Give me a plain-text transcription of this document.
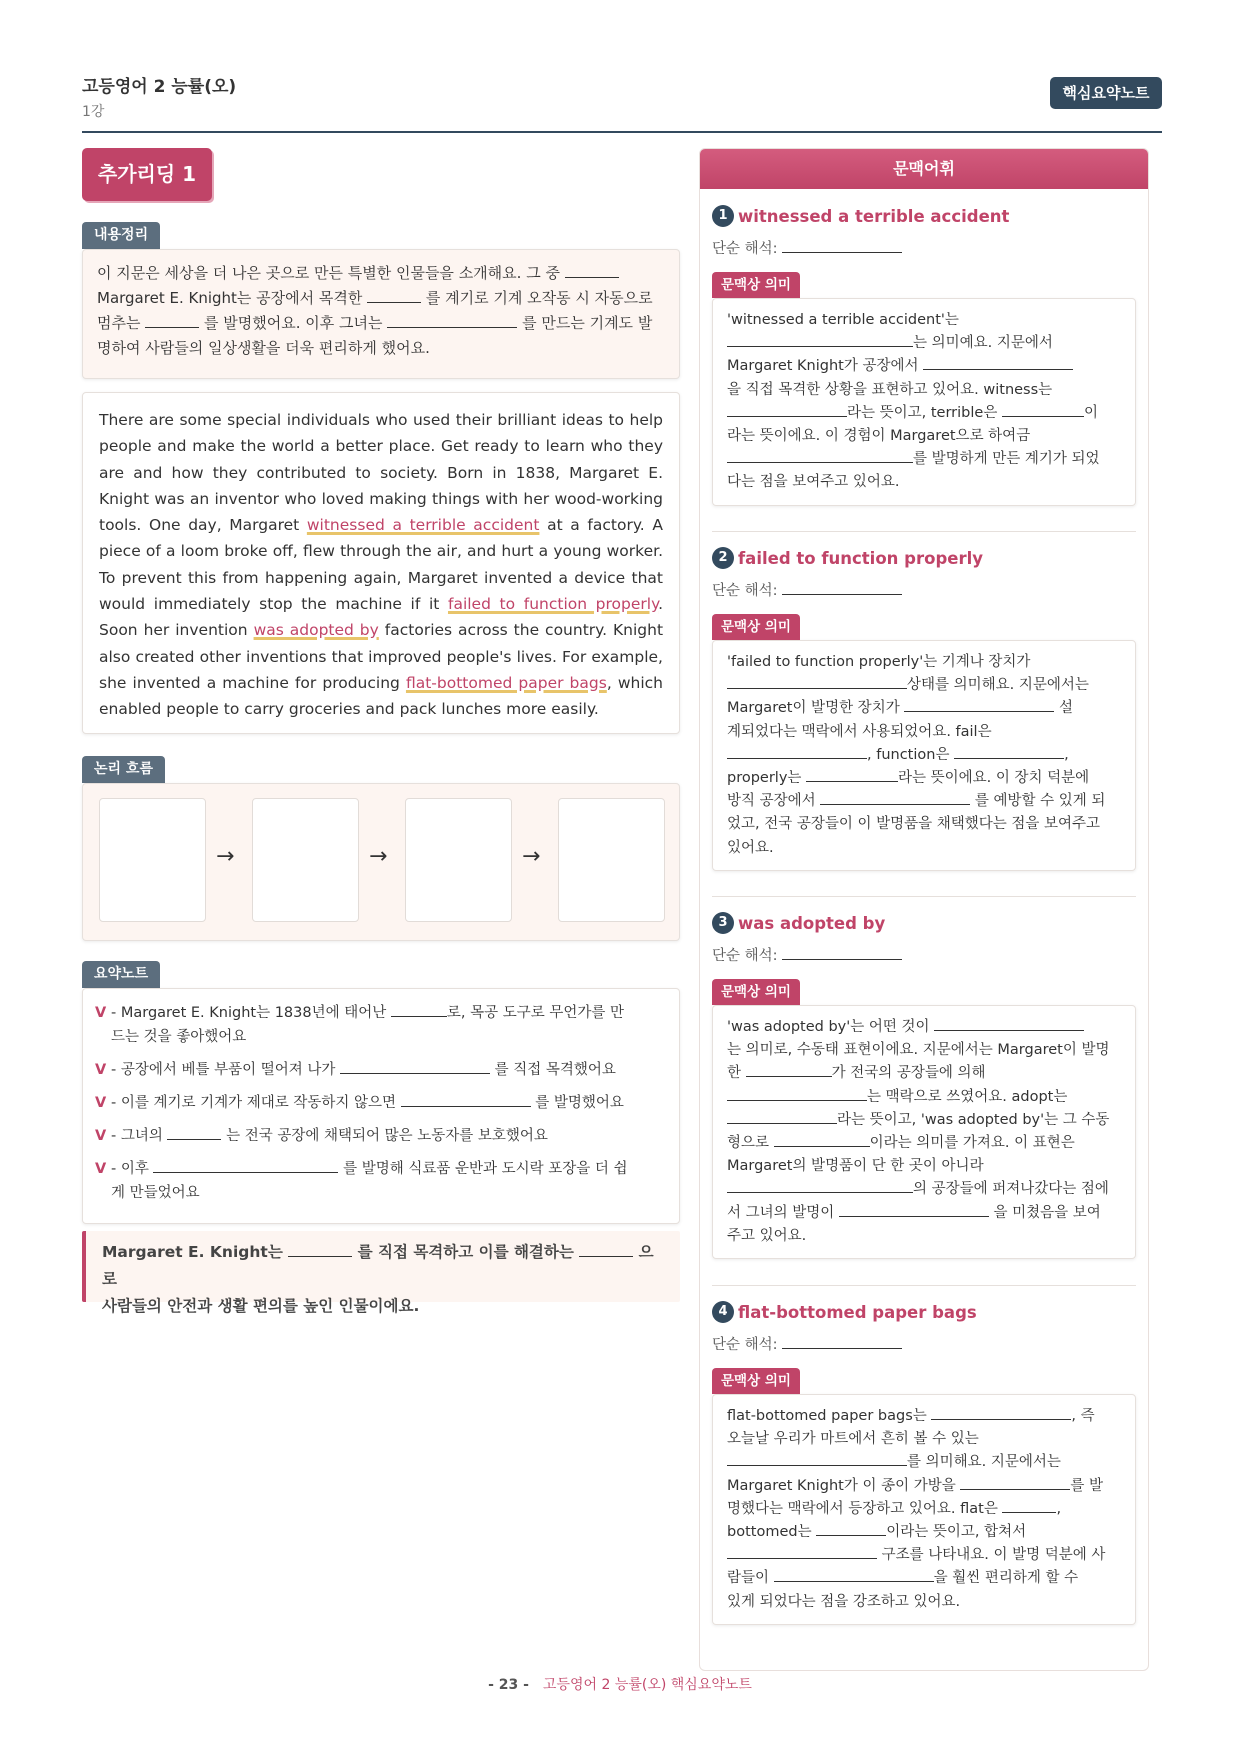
고등영어 2 능률(오)
1강
핵심요약노트
추가리딩 1
내용정리
이 지문은 세상을 더 나은 곳으로 만든 특별한 인물들을 소개해요. 그 중
Margaret E. Knight는 공장에서 목격한	를 계기로 기계 오작동 시 자동으로
멈추는	를 발명했어요. 이후 그녀는	를 만드는 기계도 발
명하여 사람들의 일상생활을 더욱 편리하게 했어요.
There are some special individuals who used their brilliant ideas to help people and make the world a better place. Get ready to learn who they are and how they contributed to society. Born in 1838, Margaret E. Knight was an inventor who loved making things with her wood-working tools. One day, Margaret witnessed a terrible accident at a factory. A piece of a loom broke off, flew through the air, and hurt a young worker. To prevent this from happening again, Margaret invented a device that would immediately stop the machine if it failed to function properly. Soon her invention was adopted by factories across the country. Knight also created other inventions that improved people's lives. For example, she invented a machine for producing flat-bottomed paper bags, which enabled people to carry groceries and pack lunches more easily.
논리 흐름
→	→	→
요약노트
V - Margaret E. Knight는 1838년에 태어난	로, 목공 도구로 무언가를 만
드는 것을 좋아했어요
V - 공장에서 베틀 부품이 떨어져 나가	를 직접 목격했어요
V - 이를 계기로 기계가 제대로 작동하지 않으면	를 발명했어요
V - 그녀의	는 전국 공장에 채택되어 많은 노동자를 보호했어요
V - 이후	를 발명해 식료품 운반과 도시락 포장을 더 쉽
게 만들었어요
Margaret E. Knight는	를 직접 목격하고 이를 해결하는	으로
사람들의 안전과 생활 편의를 높인 인물이에요.
문맥어휘
1 witnessed a terrible accident
단순 해석:
문맥상 의미
'witnessed a terrible accident'는
는 의미예요. 지문에서
Margaret Knight가 공장에서
을 직접 목격한 상황을 표현하고 있어요. witness는
라는 뜻이고, terrible은	이
라는 뜻이에요. 이 경험이 Margaret으로 하여금
를 발명하게 만든 계기가 되었
다는 점을 보여주고 있어요.
2 failed to function properly
단순 해석:
문맥상 의미
'failed to function properly'는 기계나 장치가
상태를 의미해요. 지문에서는
Margaret이 발명한 장치가	설
계되었다는 맥락에서 사용되었어요. fail은
, function은	,
properly는	라는 뜻이에요. 이 장치 덕분에
방직 공장에서	를 예방할 수 있게 되
었고, 전국 공장들이 이 발명품을 채택했다는 점을 보여주고
있어요.
3 was adopted by
단순 해석:
문맥상 의미
'was adopted by'는 어떤 것이
는 의미로, 수동태 표현이에요. 지문에서는 Margaret이 발명
한	가 전국의 공장들에 의해
는 맥락으로 쓰였어요. adopt는
라는 뜻이고, 'was adopted by'는 그 수동
형으로	이라는 의미를 가져요. 이 표현은
Margaret의 발명품이 단 한 곳이 아니라
의 공장들에 퍼져나갔다는 점에
서 그녀의 발명이	을 미쳤음을 보여
주고 있어요.
4 flat-bottomed paper bags
단순 해석:
문맥상 의미
flat-bottomed paper bags는	, 즉
오늘날 우리가 마트에서 흔히 볼 수 있는
를 의미해요. 지문에서는
Margaret Knight가 이 종이 가방을	를 발
명했다는 맥락에서 등장하고 있어요. flat은	,
bottomed는	이라는 뜻이고, 합쳐서
구조를 나타내요. 이 발명 덕분에 사
람들이	을 훨씬 편리하게 할 수
있게 되었다는 점을 강조하고 있어요.
- 23 - 고등영어 2 능률(오) 핵심요약노트
